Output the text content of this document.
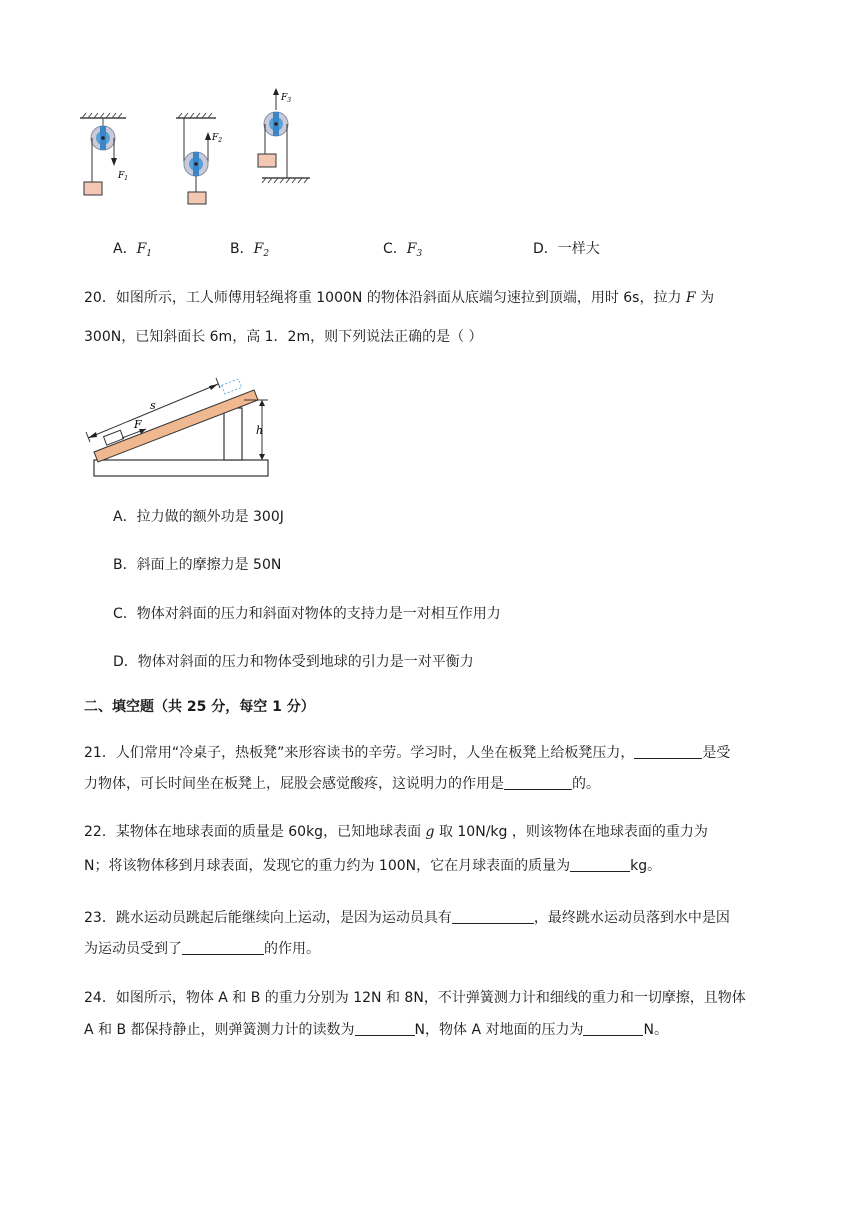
$F_1$
$F_2$
$F_3$
A．$F_1$	B．$F_2$	C．$F_3$	D．一样大
20．如图所示，工人师傅用轻绳将重 1000N 的物体沿斜面从底端匀速拉到顶端，用时 6s，拉力 F 为
300N，已知斜面长 6m，高 1．2m，则下列说法正确的是（ ）
h
s
F
A．拉力做的额外功是 300J
B．斜面上的摩擦力是 50N
C．物体对斜面的压力和斜面对物体的支持力是一对相互作用力
D．物体对斜面的压力和物体受到地球的引力是一对平衡力
二、填空题（共 25 分，每空 1 分）
21．人们常用“冷桌子，热板凳”来形容读书的辛劳。学习时，人坐在板凳上给板凳压力，	是受
力物体，可长时间坐在板凳上，屁股会感觉酸疼，这说明力的作用是	的。
22．某物体在地球表面的质量是 60kg，已知地球表面 g 取 10N/kg ，则该物体在地球表面的重力为
N；将该物体移到月球表面，发现它的重力约为 100N，它在月球表面的质量为	kg。
23．跳水运动员跳起后能继续向上运动，是因为运动员具有	，最终跳水运动员落到水中是因
为运动员受到了	的作用。
24．如图所示，物体 A 和 B 的重力分别为 12N 和 8N，不计弹簧测力计和细线的重力和一切摩擦，且物体
A 和 B 都保持静止，则弹簧测力计的读数为	N，物体 A 对地面的压力为	N。
